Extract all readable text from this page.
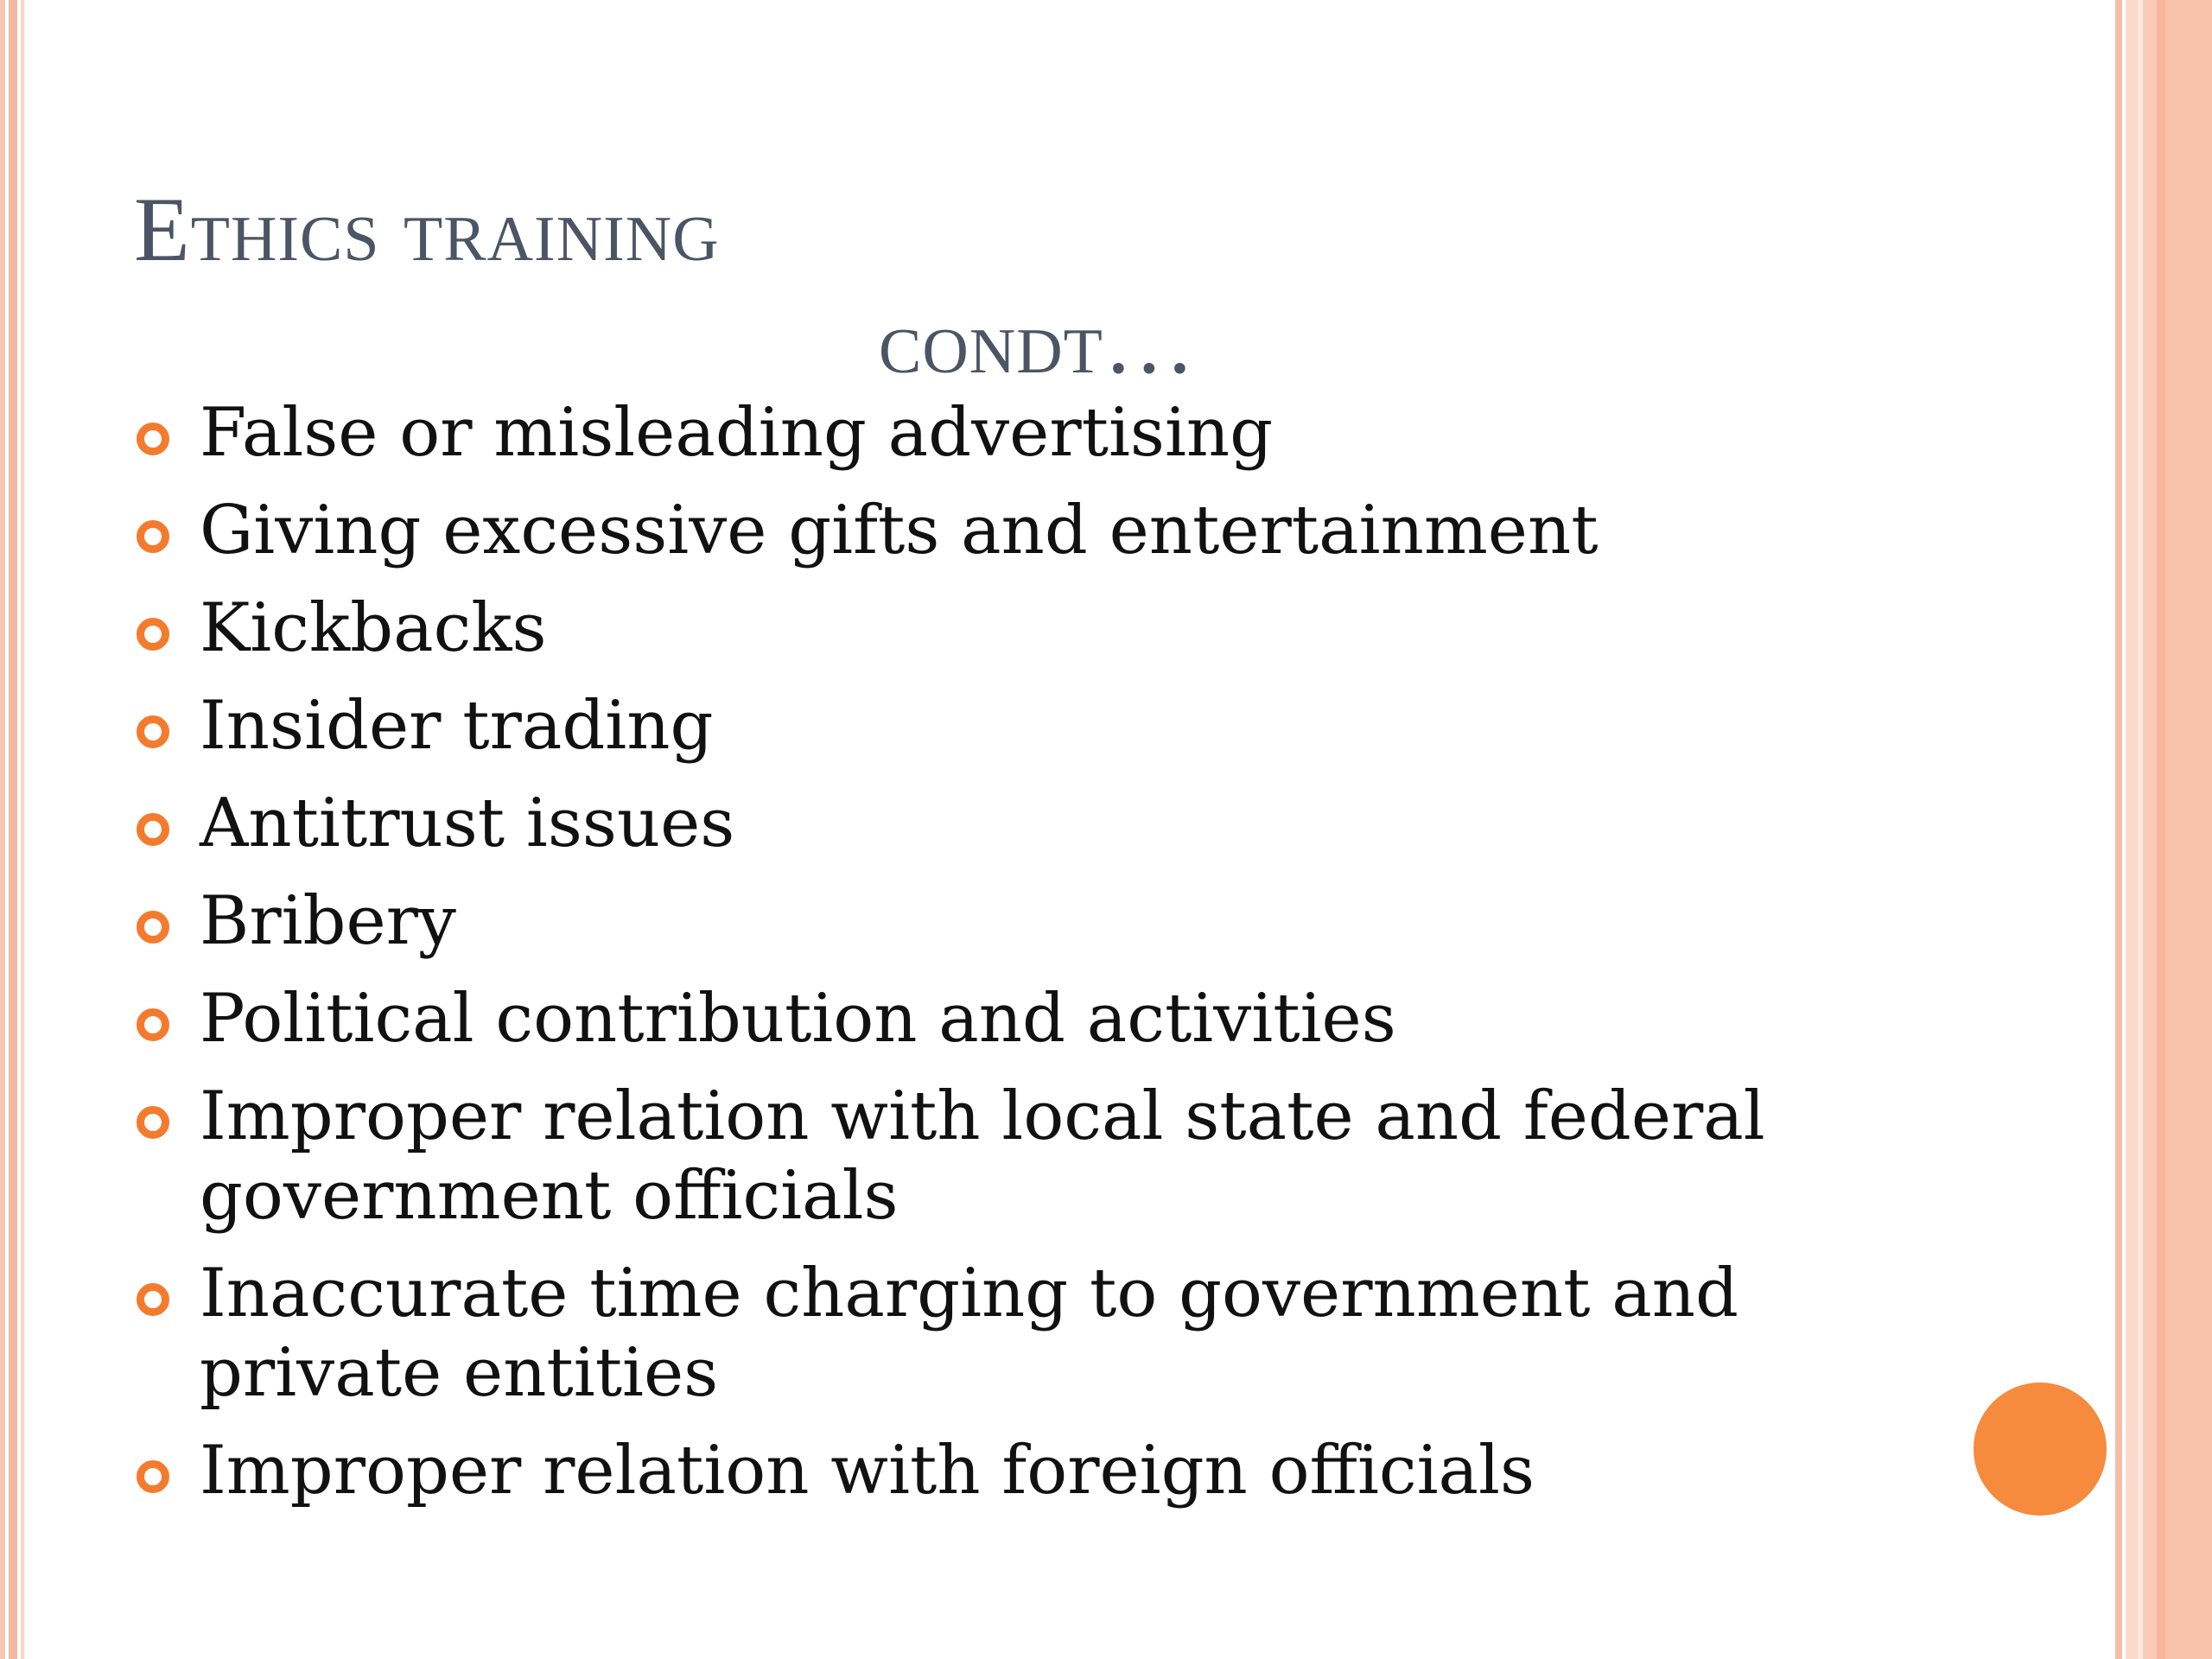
Ethics training
condt…
False or misleading advertising
Giving excessive gifts and entertainment
Kickbacks
Insider trading
Antitrust issues
Bribery
Political contribution and activities
Improper relation with local state and federal government officials
Inaccurate time charging to government and private entities
Improper relation with foreign officials
